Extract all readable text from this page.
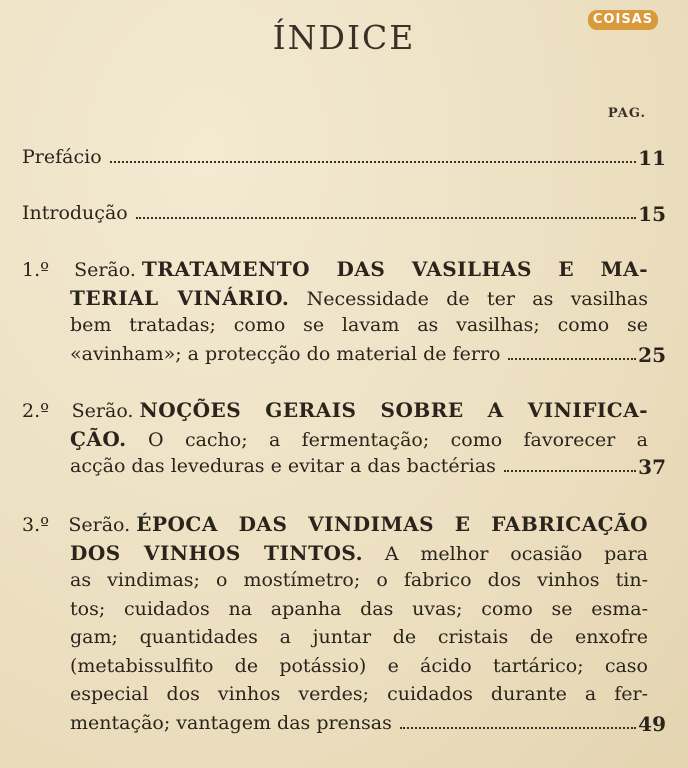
COISAS
ÍNDICE
PAG.
Prefácio	11
Introdução	15
1.º Serão. TRATAMENTO DAS VASILHAS E MA-
TERIAL VINÁRIO. Necessidade de ter as vasilhas
bem tratadas; como se lavam as vasilhas; como se
«avinham»; a protecção do material de ferro	25
2.º Serão. NOÇÕES GERAIS SOBRE A VINIFICA-
ÇÃO. O cacho; a fermentação; como favorecer a
acção das leveduras e evitar a das bactérias	37
3.º Serão. ÉPOCA DAS VINDIMAS E FABRICAÇÃO
DOS VINHOS TINTOS. A melhor ocasião para
as vindimas; o mostímetro; o fabrico dos vinhos tin-
tos; cuidados na apanha das uvas; como se esma-
gam; quantidades a juntar de cristais de enxofre
(metabissulfito de potássio) e ácido tartárico; caso
especial dos vinhos verdes; cuidados durante a fer-
mentação; vantagem das prensas	49
